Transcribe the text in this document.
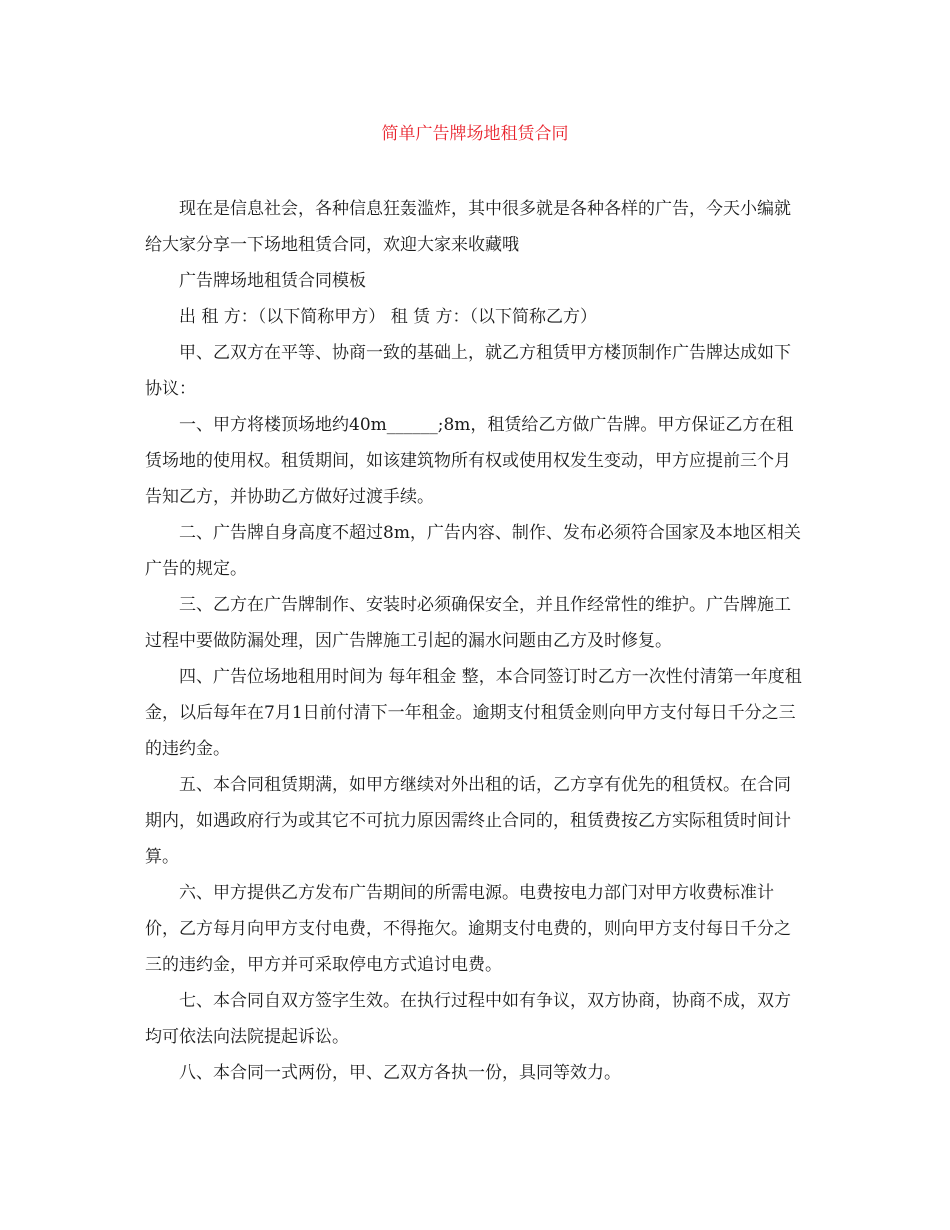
简单广告牌场地租赁合同

现在是信息社会，各种信息狂轰滥炸，其中很多就是各种各样的广告，今天小编就给大家分享一下场地租赁合同，欢迎大家来收藏哦

广告牌场地租赁合同模板

出 租 方：（以下简称甲方） 租 赁 方：（以下简称乙方）

甲、乙双方在平等、协商一致的基础上，就乙方租赁甲方楼顶制作广告牌达成如下协议：

一、甲方将楼顶场地约40m______;8m，租赁给乙方做广告牌。甲方保证乙方在租赁场地的使用权。租赁期间，如该建筑物所有权或使用权发生变动，甲方应提前三个月告知乙方，并协助乙方做好过渡手续。

二、广告牌自身高度不超过8m，广告内容、制作、发布必须符合国家及本地区相关广告的规定。

三、乙方在广告牌制作、安装时必须确保安全，并且作经常性的维护。广告牌施工过程中要做防漏处理，因广告牌施工引起的漏水问题由乙方及时修复。

四、广告位场地租用时间为 每年租金 整，本合同签订时乙方一次性付清第一年度租金，以后每年在7月1日前付清下一年租金。逾期支付租赁金则向甲方支付每日千分之三的违约金。

五、本合同租赁期满，如甲方继续对外出租的话，乙方享有优先的租赁权。在合同期内，如遇政府行为或其它不可抗力原因需终止合同的，租赁费按乙方实际租赁时间计算。

六、甲方提供乙方发布广告期间的所需电源。电费按电力部门对甲方收费标准计价，乙方每月向甲方支付电费，不得拖欠。逾期支付电费的，则向甲方支付每日千分之三的违约金，甲方并可采取停电方式追讨电费。

七、本合同自双方签字生效。在执行过程中如有争议，双方协商，协商不成，双方均可依法向法院提起诉讼。

八、本合同一式两份，甲、乙双方各执一份，具同等效力。
